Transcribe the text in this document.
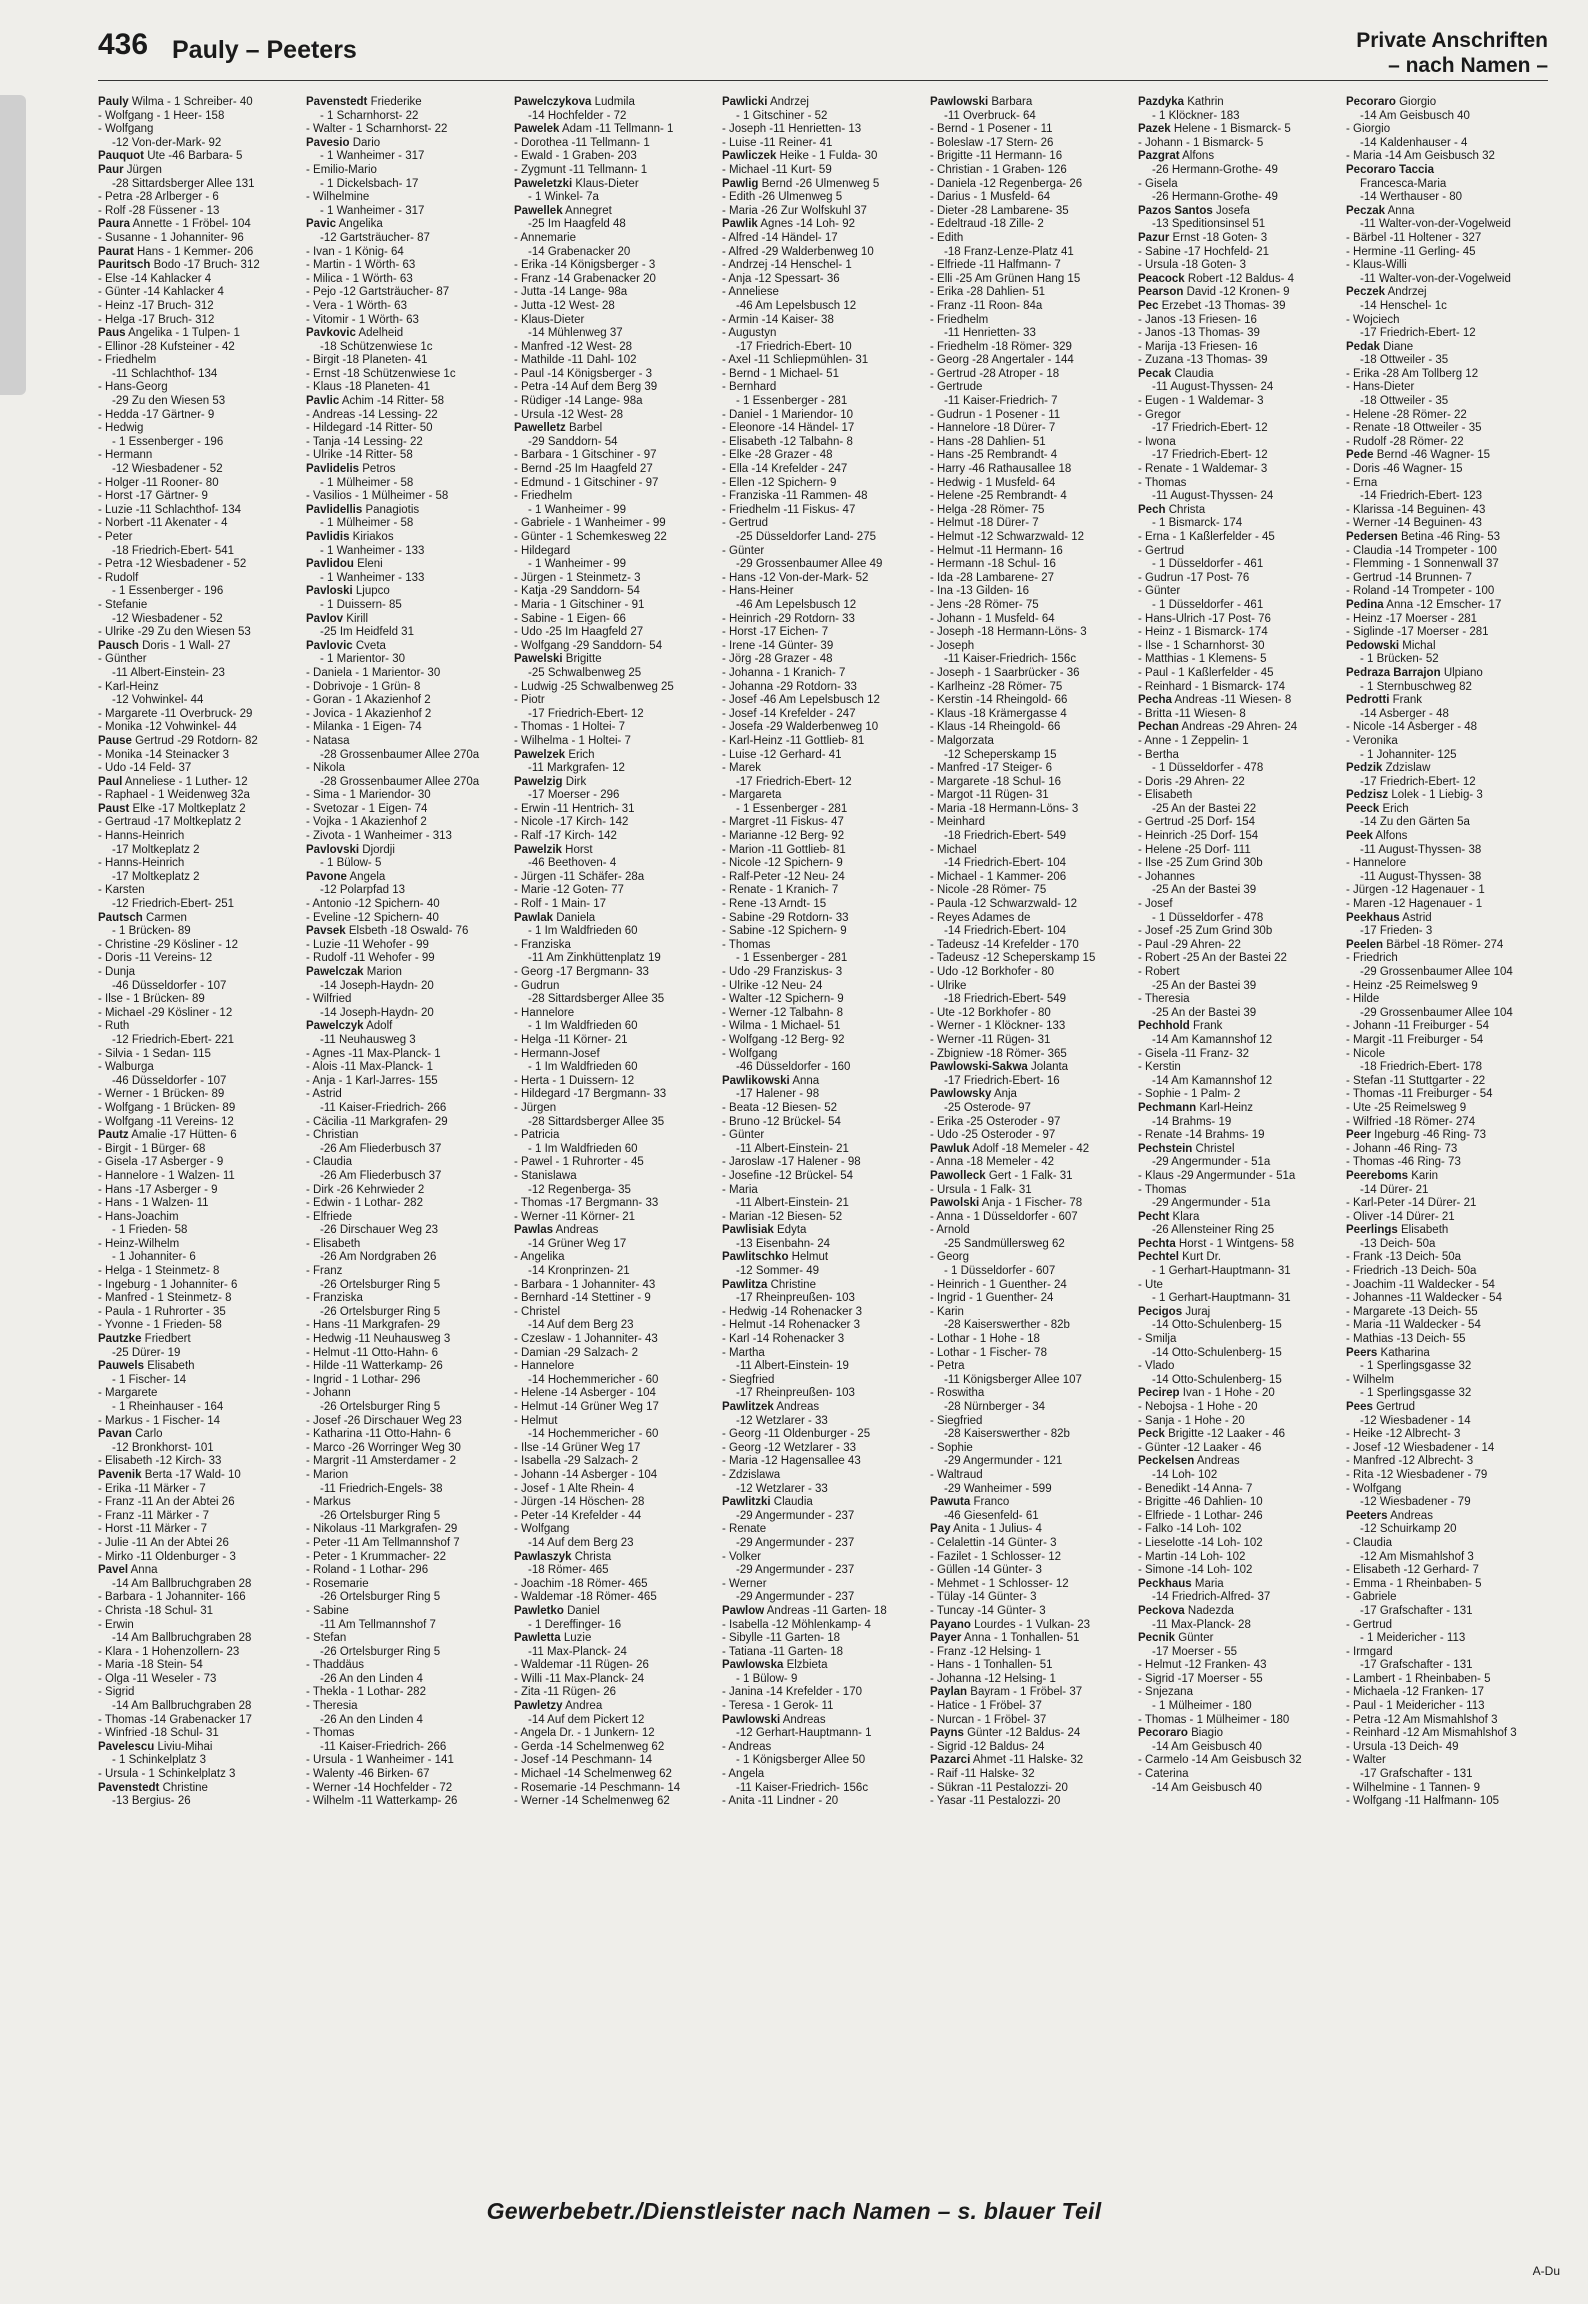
436 Pauly – Peeters	Private Anschriften
– nach Namen –
Pauly Wilma - 1 Schreiber- 40
- Wolfgang - 1 Heer- 158
- Wolfgang
-12 Von-der-Mark- 92
Pauquot Ute -46 Barbara- 5
Paur Jürgen
-28 Sittardsberger Allee 131
- Petra -28 Arlberger - 6
- Rolf -28 Füssener - 13
Paura Annette - 1 Fröbel- 104
- Susanne - 1 Johanniter- 96
Paurat Hans - 1 Kemmer- 206
Pauritsch Bodo -17 Bruch- 312
- Else -14 Kahlacker 4
- Günter -14 Kahlacker 4
- Heinz -17 Bruch- 312
- Helga -17 Bruch- 312
Paus Angelika - 1 Tulpen- 1
- Ellinor -28 Kufsteiner - 42
- Friedhelm
-11 Schlachthof- 134
- Hans-Georg
-29 Zu den Wiesen 53
- Hedda -17 Gärtner- 9
- Hedwig
- 1 Essenberger - 196
- Hermann
-12 Wiesbadener - 52
- Holger -11 Rooner- 80
- Horst -17 Gärtner- 9
- Luzie -11 Schlachthof- 134
- Norbert -11 Akenater - 4
- Peter
-18 Friedrich-Ebert- 541
- Petra -12 Wiesbadener - 52
- Rudolf
- 1 Essenberger - 196
- Stefanie
-12 Wiesbadener - 52
- Ulrike -29 Zu den Wiesen 53
Pausch Doris - 1 Wall- 27
- Günther
-11 Albert-Einstein- 23
- Karl-Heinz
-12 Vohwinkel- 44
- Margarete -11 Overbruck- 29
- Monika -12 Vohwinkel- 44
Pause Gertrud -29 Rotdorn- 82
- Monika -14 Steinacker 3
- Udo -14 Feld- 37
Paul Anneliese - 1 Luther- 12
- Raphael - 1 Weidenweg 32a
Paust Elke -17 Moltkeplatz 2
- Gertraud -17 Moltkeplatz 2
- Hanns-Heinrich
-17 Moltkeplatz 2
- Hanns-Heinrich
-17 Moltkeplatz 2
- Karsten
-12 Friedrich-Ebert- 251
Pautsch Carmen
- 1 Brücken- 89
- Christine -29 Kösliner - 12
- Doris -11 Vereins- 12
- Dunja
-46 Düsseldorfer - 107
- Ilse - 1 Brücken- 89
- Michael -29 Kösliner - 12
- Ruth
-12 Friedrich-Ebert- 221
- Silvia - 1 Sedan- 115
- Walburga
-46 Düsseldorfer - 107
- Werner - 1 Brücken- 89
- Wolfgang - 1 Brücken- 89
- Wolfgang -11 Vereins- 12
Pautz Amalie -17 Hütten- 6
- Birgit - 1 Bürger- 68
- Gisela -17 Asberger - 9
- Hannelore - 1 Walzen- 11
- Hans -17 Asberger - 9
- Hans - 1 Walzen- 11
- Hans-Joachim
- 1 Frieden- 58
- Heinz-Wilhelm
- 1 Johanniter- 6
- Helga - 1 Steinmetz- 8
- Ingeburg - 1 Johanniter- 6
- Manfred - 1 Steinmetz- 8
- Paula - 1 Ruhrorter - 35
- Yvonne - 1 Frieden- 58
Pautzke Friedbert
-25 Dürer- 19
Pauwels Elisabeth
- 1 Fischer- 14
- Margarete
- 1 Rheinhauser - 164
- Markus - 1 Fischer- 14
Pavan Carlo
-12 Bronkhorst- 101
- Elisabeth -12 Kirch- 33
Pavenik Berta -17 Wald- 10
- Erika -11 Märker - 7
- Franz -11 An der Abtei 26
- Franz -11 Märker - 7
- Horst -11 Märker - 7
- Julie -11 An der Abtei 26
- Mirko -11 Oldenburger - 3
Pavel Anna
-14 Am Ballbruchgraben 28
- Barbara - 1 Johanniter- 166
- Christa -18 Schul- 31
- Erwin
-14 Am Ballbruchgraben 28
- Klara - 1 Hohenzollern- 23
- Maria -18 Stein- 54
- Olga -11 Weseler - 73
- Sigrid
-14 Am Ballbruchgraben 28
- Thomas -14 Grabenacker 17
- Winfried -18 Schul- 31
Pavelescu Liviu-Mihai
- 1 Schinkelplatz 3
- Ursula - 1 Schinkelplatz 3
Pavenstedt Christine
-13 Bergius- 26
Pavenstedt Friederike
- 1 Scharnhorst- 22
- Walter - 1 Scharnhorst- 22
Pavesio Dario
- 1 Wanheimer - 317
- Emilio-Mario
- 1 Dickelsbach- 17
- Wilhelmine
- 1 Wanheimer - 317
Pavic Angelika
-12 Gartsträucher- 87
- Ivan - 1 König- 64
- Martin - 1 Wörth- 63
- Milica - 1 Wörth- 63
- Pejo -12 Gartsträucher- 87
- Vera - 1 Wörth- 63
- Vitomir - 1 Wörth- 63
Pavkovic Adelheid
-18 Schützenwiese 1c
- Birgit -18 Planeten- 41
- Ernst -18 Schützenwiese 1c
- Klaus -18 Planeten- 41
Pavlic Achim -14 Ritter- 58
- Andreas -14 Lessing- 22
- Hildegard -14 Ritter- 50
- Tanja -14 Lessing- 22
- Ulrike -14 Ritter- 58
Pavlidelis Petros
- 1 Mülheimer - 58
- Vasilios - 1 Mülheimer - 58
Pavlidellis Panagiotis
- 1 Mülheimer - 58
Pavlidis Kiriakos
- 1 Wanheimer - 133
Pavlidou Eleni
- 1 Wanheimer - 133
Pavloski Ljupco
- 1 Duissern- 85
Pavlov Kirill
-25 Im Heidfeld 31
Pavlovic Cveta
- 1 Marientor- 30
- Daniela - 1 Marientor- 30
- Dobrivoje - 1 Grün- 8
- Goran - 1 Akazienhof 2
- Jovica - 1 Akazienhof 2
- Milanka - 1 Eigen- 74
- Natasa
-28 Grossenbaumer Allee 270a
- Nikola
-28 Grossenbaumer Allee 270a
- Sima - 1 Mariendor- 30
- Svetozar - 1 Eigen- 74
- Vojka - 1 Akazienhof 2
- Zivota - 1 Wanheimer - 313
Pavlovski Djordji
- 1 Bülow- 5
Pavone Angela
-12 Polarpfad 13
- Antonio -12 Spichern- 40
- Eveline -12 Spichern- 40
Pavsek Elsbeth -18 Oswald- 76
- Luzie -11 Wehofer - 99
- Rudolf -11 Wehofer - 99
Pawelczak Marion
-14 Joseph-Haydn- 20
- Wilfried
-14 Joseph-Haydn- 20
Pawelczyk Adolf
-11 Neuhausweg 3
- Agnes -11 Max-Planck- 1
- Alois -11 Max-Planck- 1
- Anja - 1 Karl-Jarres- 155
- Astrid
-11 Kaiser-Friedrich- 266
- Cäcilia -11 Markgrafen- 29
- Christian
-26 Am Fliederbusch 37
- Claudia
-26 Am Fliederbusch 37
- Dirk -26 Kehrwieder 2
- Edwin - 1 Lothar- 282
- Elfriede
-26 Dirschauer Weg 23
- Elisabeth
-26 Am Nordgraben 26
- Franz
-26 Ortelsburger Ring 5
- Franziska
-26 Ortelsburger Ring 5
- Hans -11 Markgrafen- 29
- Hedwig -11 Neuhausweg 3
- Helmut -11 Otto-Hahn- 6
- Hilde -11 Watterkamp- 26
- Ingrid - 1 Lothar- 296
- Johann
-26 Ortelsburger Ring 5
- Josef -26 Dirschauer Weg 23
- Katharina -11 Otto-Hahn- 6
- Marco -26 Worringer Weg 30
- Margrit -11 Amsterdamer - 2
- Marion
-11 Friedrich-Engels- 38
- Markus
-26 Ortelsburger Ring 5
- Nikolaus -11 Markgrafen- 29
- Peter -11 Am Tellmannshof 7
- Peter - 1 Krummacher- 22
- Roland - 1 Lothar- 296
- Rosemarie
-26 Ortelsburger Ring 5
- Sabine
-11 Am Tellmannshof 7
- Stefan
-26 Ortelsburger Ring 5
- Thaddäus
-26 An den Linden 4
- Thekla - 1 Lothar- 282
- Theresia
-26 An den Linden 4
- Thomas
-11 Kaiser-Friedrich- 266
- Ursula - 1 Wanheimer - 141
- Walenty -46 Birken- 67
- Werner -14 Hochfelder - 72
- Wilhelm -11 Watterkamp- 26
Pawelczykova Ludmila
-14 Hochfelder - 72
Pawelek Adam -11 Tellmann- 1
- Dorothea -11 Tellmann- 1
- Ewald - 1 Graben- 203
- Zygmunt -11 Tellmann- 1
Paweletzki Klaus-Dieter
- 1 Winkel- 7a
Pawellek Annegret
-25 Im Haagfeld 48
- Annemarie
-14 Grabenacker 20
- Erika -14 Königsberger - 3
- Franz -14 Grabenacker 20
- Jutta -14 Lange- 98a
- Jutta -12 West- 28
- Klaus-Dieter
-14 Mühlenweg 37
- Manfred -12 West- 28
- Mathilde -11 Dahl- 102
- Paul -14 Königsberger - 3
- Petra -14 Auf dem Berg 39
- Rüdiger -14 Lange- 98a
- Ursula -12 West- 28
Pawelletz Barbel
-29 Sanddorn- 54
- Barbara - 1 Gitschiner - 97
- Bernd -25 Im Haagfeld 27
- Edmund - 1 Gitschiner - 97
- Friedhelm
- 1 Wanheimer - 99
- Gabriele - 1 Wanheimer - 99
- Günter - 1 Schemkesweg 22
- Hildegard
- 1 Wanheimer - 99
- Jürgen - 1 Steinmetz- 3
- Katja -29 Sanddorn- 54
- Maria - 1 Gitschiner - 91
- Sabine - 1 Eigen- 66
- Udo -25 Im Haagfeld 27
- Wolfgang -29 Sanddorn- 54
Pawelski Brigitte
-25 Schwalbenweg 25
- Ludwig -25 Schwalbenweg 25
- Piotr
-17 Friedrich-Ebert- 12
- Thomas - 1 Holtei- 7
- Wilhelma - 1 Holtei- 7
Pawelzek Erich
-11 Markgrafen- 12
Pawelzig Dirk
-17 Moerser - 296
- Erwin -11 Hentrich- 31
- Nicole -17 Kirch- 142
- Ralf -17 Kirch- 142
Pawelzik Horst
-46 Beethoven- 4
- Jürgen -11 Schäfer- 28a
- Marie -12 Goten- 77
- Rolf - 1 Main- 17
Pawlak Daniela
- 1 Im Waldfrieden 60
- Franziska
-11 Am Zinkhüttenplatz 19
- Georg -17 Bergmann- 33
- Gudrun
-28 Sittardsberger Allee 35
- Hannelore
- 1 Im Waldfrieden 60
- Helga -11 Körner- 21
- Hermann-Josef
- 1 Im Waldfrieden 60
- Herta - 1 Duissern- 12
- Hildegard -17 Bergmann- 33
- Jürgen
-28 Sittardsberger Allee 35
- Patricia
- 1 Im Waldfrieden 60
- Pawel - 1 Ruhrorter - 45
- Stanislawa
-12 Regenberga- 35
- Thomas -17 Bergmann- 33
- Werner -11 Körner- 21
Pawlas Andreas
-14 Grüner Weg 17
- Angelika
-14 Kronprinzen- 21
- Barbara - 1 Johanniter- 43
- Bernhard -14 Stettiner - 9
- Christel
-14 Auf dem Berg 23
- Czeslaw - 1 Johanniter- 43
- Damian -29 Salzach- 2
- Hannelore
-14 Hochemmericher - 60
- Helene -14 Asberger - 104
- Helmut -14 Grüner Weg 17
- Helmut
-14 Hochemmericher - 60
- Ilse -14 Grüner Weg 17
- Isabella -29 Salzach- 2
- Johann -14 Asberger - 104
- Josef - 1 Alte Rhein- 4
- Jürgen -14 Höschen- 28
- Peter -14 Krefelder - 44
- Wolfgang
-14 Auf dem Berg 23
Pawlaszyk Christa
-18 Römer- 465
- Joachim -18 Römer- 465
- Waldemar -18 Römer- 465
Pawletko Daniel
- 1 Dereffinger- 16
Pawletta Luzie
-11 Max-Planck- 24
- Waldemar -11 Rügen- 26
- Willi -11 Max-Planck- 24
- Zita -11 Rügen- 26
Pawletzy Andrea
-14 Auf dem Pickert 12
- Angela Dr. - 1 Junkern- 12
- Gerda -14 Schelmenweg 62
- Josef -14 Peschmann- 14
- Michael -14 Schelmenweg 62
- Rosemarie -14 Peschmann- 14
- Werner -14 Schelmenweg 62
Pawlicki Andrzej
- 1 Gitschiner - 52
- Joseph -11 Henrietten- 13
- Luise -11 Reiner- 41
Pawliczek Heike - 1 Fulda- 30
- Michael -11 Kurt- 59
Pawlig Bernd -26 Ulmenweg 5
- Edith -26 Ulmenweg 5
- Maria -26 Zur Wolfskuhl 37
Pawlik Agnes -14 Loh- 92
- Alfred -14 Händel- 17
- Alfred -29 Walderbenweg 10
- Andrzej -14 Henschel- 1
- Anja -12 Spessart- 36
- Anneliese
-46 Am Lepelsbusch 12
- Armin -14 Kaiser- 38
- Augustyn
-17 Friedrich-Ebert- 10
- Axel -11 Schliepmühlen- 31
- Bernd - 1 Michael- 51
- Bernhard
- 1 Essenberger - 281
- Daniel - 1 Mariendor- 10
- Eleonore -14 Händel- 17
- Elisabeth -12 Talbahn- 8
- Elke -28 Grazer - 48
- Ella -14 Krefelder - 247
- Ellen -12 Spichern- 9
- Franziska -11 Rammen- 48
- Friedhelm -11 Fiskus- 47
- Gertrud
-25 Düsseldorfer Land- 275
- Günter
-29 Grossenbaumer Allee 49
- Hans -12 Von-der-Mark- 52
- Hans-Heiner
-46 Am Lepelsbusch 12
- Heinrich -29 Rotdorn- 33
- Horst -17 Eichen- 7
- Irene -14 Günter- 39
- Jörg -28 Grazer - 48
- Johanna - 1 Kranich- 7
- Johanna -29 Rotdorn- 33
- Josef -46 Am Lepelsbusch 12
- Josef -14 Krefelder - 247
- Josefa -29 Walderbenweg 10
- Karl-Heinz -11 Gottlieb- 81
- Luise -12 Gerhard- 41
- Marek
-17 Friedrich-Ebert- 12
- Margareta
- 1 Essenberger - 281
- Margret -11 Fiskus- 47
- Marianne -12 Berg- 92
- Marion -11 Gottlieb- 81
- Nicole -12 Spichern- 9
- Ralf-Peter -12 Neu- 24
- Renate - 1 Kranich- 7
- Rene -13 Arndt- 15
- Sabine -29 Rotdorn- 33
- Sabine -12 Spichern- 9
- Thomas
- 1 Essenberger - 281
- Udo -29 Franziskus- 3
- Ulrike -12 Neu- 24
- Walter -12 Spichern- 9
- Werner -12 Talbahn- 8
- Wilma - 1 Michael- 51
- Wolfgang -12 Berg- 92
- Wolfgang
-46 Düsseldorfer - 160
Pawlikowski Anna
-17 Halener - 98
- Beata -12 Biesen- 52
- Bruno -12 Brückel- 54
- Günter
-11 Albert-Einstein- 21
- Jaroslaw -17 Halener - 98
- Josefine -12 Brückel- 54
- Maria
-11 Albert-Einstein- 21
- Marian -12 Biesen- 52
Pawlisiak Edyta
-13 Eisenbahn- 24
Pawlitschko Helmut
-12 Sommer- 49
Pawlitza Christine
-17 Rheinpreußen- 103
- Hedwig -14 Rohenacker 3
- Helmut -14 Rohenacker 3
- Karl -14 Rohenacker 3
- Martha
-11 Albert-Einstein- 19
- Siegfried
-17 Rheinpreußen- 103
Pawlitzek Andreas
-12 Wetzlarer - 33
- Georg -11 Oldenburger - 25
- Georg -12 Wetzlarer - 33
- Maria -12 Hagensallee 43
- Zdzislawa
-12 Wetzlarer - 33
Pawlitzki Claudia
-29 Angermunder - 237
- Renate
-29 Angermunder - 237
- Volker
-29 Angermunder - 237
- Werner
-29 Angermunder - 237
Pawlow Andreas -11 Garten- 18
- Isabella -12 Möhlenkamp- 4
- Sibylle -11 Garten- 18
- Tatiana -11 Garten- 18
Pawlowska Elzbieta
- 1 Bülow- 9
- Janina -14 Krefelder - 170
- Teresa - 1 Gerok- 11
Pawlowski Andreas
-12 Gerhart-Hauptmann- 1
- Andreas
- 1 Königsberger Allee 50
- Angela
-11 Kaiser-Friedrich- 156c
- Anita -11 Lindner - 20
Pawlowski Barbara
-11 Overbruck- 64
- Bernd - 1 Posener - 11
- Boleslaw -17 Stern- 26
- Brigitte -11 Hermann- 16
- Christian - 1 Graben- 126
- Daniela -12 Regenberga- 26
- Darius - 1 Musfeld- 64
- Dieter -28 Lambarene- 35
- Edeltraud -18 Zille- 2
- Edith
-18 Franz-Lenze-Platz 41
- Elfriede -11 Halfmann- 7
- Elli -25 Am Grünen Hang 15
- Erika -28 Dahlien- 51
- Franz -11 Roon- 84a
- Friedhelm
-11 Henrietten- 33
- Friedhelm -18 Römer- 329
- Georg -28 Angertaler - 144
- Gertrud -28 Atroper - 18
- Gertrude
-11 Kaiser-Friedrich- 7
- Gudrun - 1 Posener - 11
- Hannelore -18 Dürer- 7
- Hans -28 Dahlien- 51
- Hans -25 Rembrandt- 4
- Harry -46 Rathausallee 18
- Hedwig - 1 Musfeld- 64
- Helene -25 Rembrandt- 4
- Helga -28 Römer- 75
- Helmut -18 Dürer- 7
- Helmut -12 Schwarzwald- 12
- Helmut -11 Hermann- 16
- Hermann -18 Schul- 16
- Ida -28 Lambarene- 27
- Ina -13 Gilden- 16
- Jens -28 Römer- 75
- Johann - 1 Musfeld- 64
- Joseph -18 Hermann-Löns- 3
- Joseph
-11 Kaiser-Friedrich- 156c
- Joseph - 1 Saarbrücker - 36
- Karlheinz -28 Römer- 75
- Kerstin -14 Rheingold- 66
- Klaus -18 Krämergasse 4
- Klaus -14 Rheingold- 66
- Malgorzata
-12 Scheperskamp 15
- Manfred -17 Steiger- 6
- Margarete -18 Schul- 16
- Margot -11 Rügen- 31
- Maria -18 Hermann-Löns- 3
- Meinhard
-18 Friedrich-Ebert- 549
- Michael
-14 Friedrich-Ebert- 104
- Michael - 1 Kammer- 206
- Nicole -28 Römer- 75
- Paula -12 Schwarzwald- 12
- Reyes Adames de
-14 Friedrich-Ebert- 104
- Tadeusz -14 Krefelder - 170
- Tadeusz -12 Scheperskamp 15
- Udo -12 Borkhofer - 80
- Ulrike
-18 Friedrich-Ebert- 549
- Ute -12 Borkhofer - 80
- Werner - 1 Klöckner- 133
- Werner -11 Rügen- 31
- Zbigniew -18 Römer- 365
Pawlowski-Sakwa Jolanta
-17 Friedrich-Ebert- 16
Pawlowsky Anja
-25 Osterode- 97
- Erika -25 Osteroder - 97
- Udo -25 Osteroder - 97
Pawluk Adolf -18 Memeler - 42
- Anna -18 Memeler - 42
Pawolleck Gert - 1 Falk- 31
- Ursula - 1 Falk- 31
Pawolski Anja - 1 Fischer- 78
- Anna - 1 Düsseldorfer - 607
- Arnold
-25 Sandmüllersweg 62
- Georg
- 1 Düsseldorfer - 607
- Heinrich - 1 Guenther- 24
- Ingrid - 1 Guenther- 24
- Karin
-28 Kaiserswerther - 82b
- Lothar - 1 Hohe - 18
- Lothar - 1 Fischer- 78
- Petra
-11 Königsberger Allee 107
- Roswitha
-28 Nürnberger - 34
- Siegfried
-28 Kaiserswerther - 82b
- Sophie
-29 Angermunder - 121
- Waltraud
-29 Wanheimer - 599
Pawuta Franco
-46 Giesenfeld- 61
Pay Anita - 1 Julius- 4
- Celalettin -14 Günter- 3
- Fazilet - 1 Schlosser- 12
- Güllen -14 Günter- 3
- Mehmet - 1 Schlosser- 12
- Tülay -14 Günter- 3
- Tuncay -14 Günter- 3
Payano Lourdes - 1 Vulkan- 23
Payer Anna - 1 Tonhallen- 51
- Franz -12 Helsing- 1
- Hans - 1 Tonhallen- 51
- Johanna -12 Helsing- 1
Paylan Bayram - 1 Fröbel- 37
- Hatice - 1 Fröbel- 37
- Nurcan - 1 Fröbel- 37
Payns Günter -12 Baldus- 24
- Sigrid -12 Baldus- 24
Pazarci Ahmet -11 Halske- 32
- Raif -11 Halske- 32
- Sükran -11 Pestalozzi- 20
- Yasar -11 Pestalozzi- 20
Pazdyka Kathrin
- 1 Klöckner- 183
Pazek Helene - 1 Bismarck- 5
- Johann - 1 Bismarck- 5
Pazgrat Alfons
-26 Hermann-Grothe- 49
- Gisela
-26 Hermann-Grothe- 49
Pazos Santos Josefa
-13 Speditionsinsel 51
Pazur Ernst -18 Goten- 3
- Sabine -17 Hochfeld- 21
- Ursula -18 Goten- 3
Peacock Robert -12 Baldus- 4
Pearson David -12 Kronen- 9
Pec Erzebet -13 Thomas- 39
- Janos -13 Friesen- 16
- Janos -13 Thomas- 39
- Marija -13 Friesen- 16
- Zuzana -13 Thomas- 39
Pecak Claudia
-11 August-Thyssen- 24
- Eugen - 1 Waldemar- 3
- Gregor
-17 Friedrich-Ebert- 12
- Iwona
-17 Friedrich-Ebert- 12
- Renate - 1 Waldemar- 3
- Thomas
-11 August-Thyssen- 24
Pech Christa
- 1 Bismarck- 174
- Erna - 1 Kaßlerfelder - 45
- Gertrud
- 1 Düsseldorfer - 461
- Gudrun -17 Post- 76
- Günter
- 1 Düsseldorfer - 461
- Hans-Ulrich -17 Post- 76
- Heinz - 1 Bismarck- 174
- Ilse - 1 Scharnhorst- 30
- Matthias - 1 Klemens- 5
- Paul - 1 Kaßlerfelder - 45
- Reinhard - 1 Bismarck- 174
Pecha Andreas -11 Wiesen- 8
- Britta -11 Wiesen- 8
Pechan Andreas -29 Ahren- 24
- Anne - 1 Zeppelin- 1
- Bertha
- 1 Düsseldorfer - 478
- Doris -29 Ahren- 22
- Elisabeth
-25 An der Bastei 22
- Gertrud -25 Dorf- 154
- Heinrich -25 Dorf- 154
- Helene -25 Dorf- 111
- Ilse -25 Zum Grind 30b
- Johannes
-25 An der Bastei 39
- Josef
- 1 Düsseldorfer - 478
- Josef -25 Zum Grind 30b
- Paul -29 Ahren- 22
- Robert -25 An der Bastei 22
- Robert
-25 An der Bastei 39
- Theresia
-25 An der Bastei 39
Pechhold Frank
-14 Am Kamannshof 12
- Gisela -11 Franz- 32
- Kerstin
-14 Am Kamannshof 12
- Sophie - 1 Palm- 2
Pechmann Karl-Heinz
-14 Brahms- 19
- Renate -14 Brahms- 19
Pechstein Christel
-29 Angermunder - 51a
- Klaus -29 Angermunder - 51a
- Thomas
-29 Angermunder - 51a
Pecht Klara
-26 Allensteiner Ring 25
Pechta Horst - 1 Wintgens- 58
Pechtel Kurt Dr.
- 1 Gerhart-Hauptmann- 31
- Ute
- 1 Gerhart-Hauptmann- 31
Pecigos Juraj
-14 Otto-Schulenberg- 15
- Smilja
-14 Otto-Schulenberg- 15
- Vlado
-14 Otto-Schulenberg- 15
Pecirep Ivan - 1 Hohe - 20
- Nebojsa - 1 Hohe - 20
- Sanja - 1 Hohe - 20
Peck Brigitte -12 Laaker - 46
- Günter -12 Laaker - 46
Peckelsen Andreas
-14 Loh- 102
- Benedikt -14 Anna- 7
- Brigitte -46 Dahlien- 10
- Elfriede - 1 Lothar- 246
- Falko -14 Loh- 102
- Lieselotte -14 Loh- 102
- Martin -14 Loh- 102
- Simone -14 Loh- 102
Peckhaus Maria
-14 Friedrich-Alfred- 37
Peckova Nadezda
-11 Max-Planck- 28
Pecnik Günter
-17 Moerser - 55
- Helmut -12 Franken- 43
- Sigrid -17 Moerser - 55
- Snjezana
- 1 Mülheimer - 180
- Thomas - 1 Mülheimer - 180
Pecoraro Biagio
-14 Am Geisbusch 40
- Carmelo -14 Am Geisbusch 32
- Caterina
-14 Am Geisbusch 40
Pecoraro Giorgio
-14 Am Geisbusch 40
- Giorgio
-14 Kaldenhauser - 4
- Maria -14 Am Geisbusch 32
Pecoraro Taccia
Francesca-Maria
-14 Werthauser - 80
Peczak Anna
-11 Walter-von-der-Vogelweid
- Bärbel -11 Holtener - 327
- Hermine -11 Gerling- 45
- Klaus-Willi
-11 Walter-von-der-Vogelweid
Peczek Andrzej
-14 Henschel- 1c
- Wojciech
-17 Friedrich-Ebert- 12
Pedak Diane
-18 Ottweiler - 35
- Erika -28 Am Tollberg 12
- Hans-Dieter
-18 Ottweiler - 35
- Helene -28 Römer- 22
- Renate -18 Ottweiler - 35
- Rudolf -28 Römer- 22
Pede Bernd -46 Wagner- 15
- Doris -46 Wagner- 15
- Erna
-14 Friedrich-Ebert- 123
- Klarissa -14 Beguinen- 43
- Werner -14 Beguinen- 43
Pedersen Betina -46 Ring- 53
- Claudia -14 Trompeter - 100
- Flemming - 1 Sonnenwall 37
- Gertrud -14 Brunnen- 7
- Roland -14 Trompeter - 100
Pedina Anna -12 Emscher- 17
- Heinz -17 Moerser - 281
- Siglinde -17 Moerser - 281
Pedowski Michal
- 1 Brücken- 52
Pedraza Barrajon Ulpiano
- 1 Sternbuschweg 82
Pedrotti Frank
-14 Asberger - 48
- Nicole -14 Asberger - 48
- Veronika
- 1 Johanniter- 125
Pedzik Zdzislaw
-17 Friedrich-Ebert- 12
Pedzisz Lolek - 1 Liebig- 3
Peeck Erich
-14 Zu den Gärten 5a
Peek Alfons
-11 August-Thyssen- 38
- Hannelore
-11 August-Thyssen- 38
- Jürgen -12 Hagenauer - 1
- Maren -12 Hagenauer - 1
Peekhaus Astrid
-17 Frieden- 3
Peelen Bärbel -18 Römer- 274
- Friedrich
-29 Grossenbaumer Allee 104
- Heinz -25 Reimelsweg 9
- Hilde
-29 Grossenbaumer Allee 104
- Johann -11 Freiburger - 54
- Margit -11 Freiburger - 54
- Nicole
-18 Friedrich-Ebert- 178
- Stefan -11 Stuttgarter - 22
- Thomas -11 Freiburger - 54
- Ute -25 Reimelsweg 9
- Wilfried -18 Römer- 274
Peer Ingeburg -46 Ring- 73
- Johann -46 Ring- 73
- Thomas -46 Ring- 73
Peereboms Karin
-14 Dürer- 21
- Karl-Peter -14 Dürer- 21
- Oliver -14 Dürer- 21
Peerlings Elisabeth
-13 Deich- 50a
- Frank -13 Deich- 50a
- Friedrich -13 Deich- 50a
- Joachim -11 Waldecker - 54
- Johannes -11 Waldecker - 54
- Margarete -13 Deich- 55
- Maria -11 Waldecker - 54
- Mathias -13 Deich- 55
Peers Katharina
- 1 Sperlingsgasse 32
- Wilhelm
- 1 Sperlingsgasse 32
Pees Gertrud
-12 Wiesbadener - 14
- Heike -12 Albrecht- 3
- Josef -12 Wiesbadener - 14
- Manfred -12 Albrecht- 3
- Rita -12 Wiesbadener - 79
- Wolfgang
-12 Wiesbadener - 79
Peeters Andreas
-12 Schuirkamp 20
- Claudia
-12 Am Mismahlshof 3
- Elisabeth -12 Gerhard- 7
- Emma - 1 Rheinbaben- 5
- Gabriele
-17 Grafschafter - 131
- Gertrud
- 1 Meidericher - 113
- Irmgard
-17 Grafschafter - 131
- Lambert - 1 Rheinbaben- 5
- Michaela -12 Franken- 17
- Paul - 1 Meidericher - 113
- Petra -12 Am Mismahlshof 3
- Reinhard -12 Am Mismahlshof 3
- Ursula -13 Deich- 49
- Walter
-17 Grafschafter - 131
- Wilhelmine - 1 Tannen- 9
- Wolfgang -11 Halfmann- 105
Gewerbebetr./Dienstleister nach Namen – s. blauer Teil
A-Du
